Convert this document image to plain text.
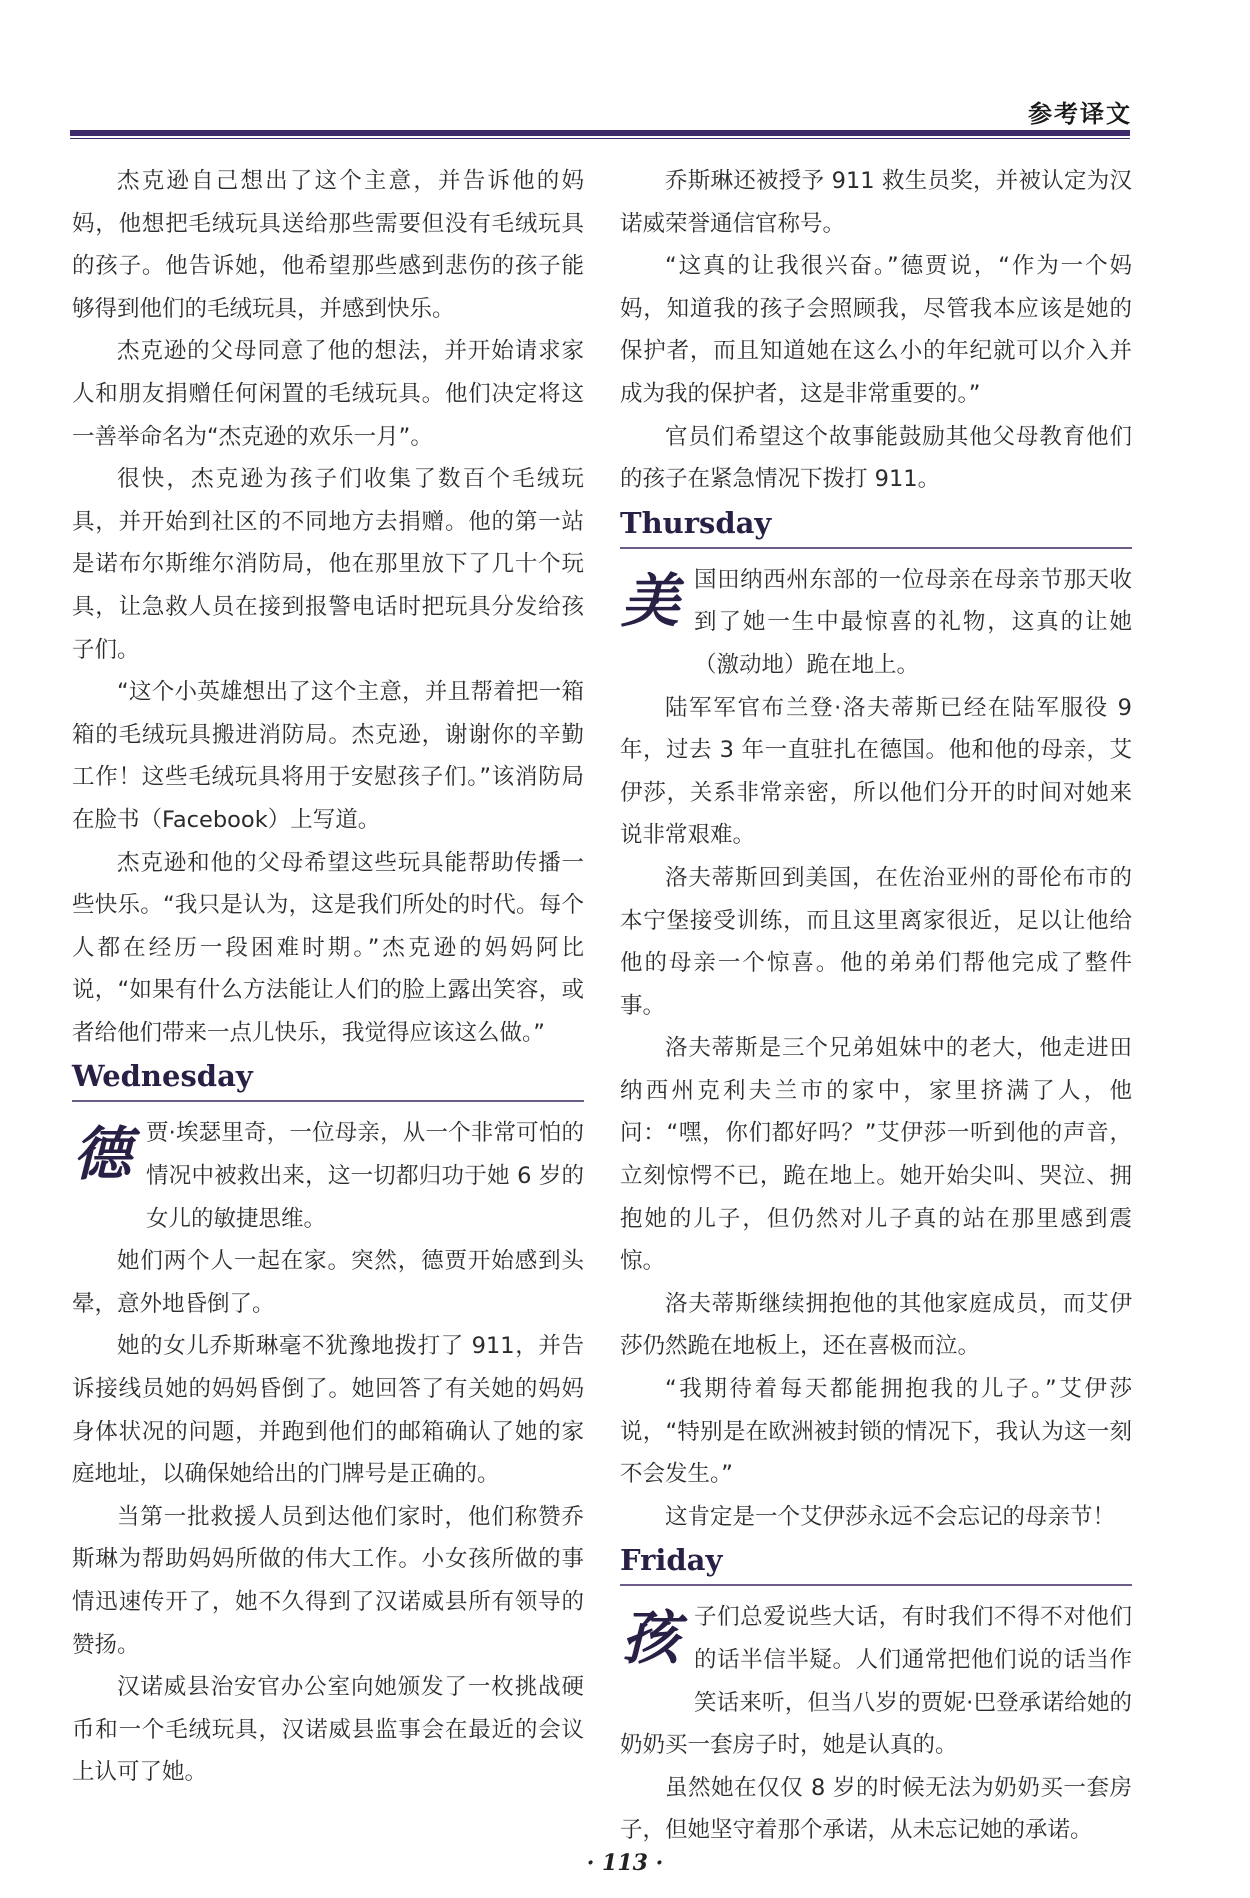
参考译文

杰克逊自己想出了这个主意，并告诉他的妈妈，他想把毛绒玩具送给那些需要但没有毛绒玩具的孩子。他告诉她，他希望那些感到悲伤的孩子能够得到他们的毛绒玩具，并感到快乐。

杰克逊的父母同意了他的想法，并开始请求家人和朋友捐赠任何闲置的毛绒玩具。他们决定将这一善举命名为“杰克逊的欢乐一月”。

很快，杰克逊为孩子们收集了数百个毛绒玩具，并开始到社区的不同地方去捐赠。他的第一站是诺布尔斯维尔消防局，他在那里放下了几十个玩具，让急救人员在接到报警电话时把玩具分发给孩子们。

“这个小英雄想出了这个主意，并且帮着把一箱箱的毛绒玩具搬进消防局。杰克逊，谢谢你的辛勤工作！这些毛绒玩具将用于安慰孩子们。”该消防局在脸书（Facebook）上写道。

杰克逊和他的父母希望这些玩具能帮助传播一些快乐。“我只是认为，这是我们所处的时代。每个人都在经历一段困难时期。”杰克逊的妈妈阿比说，“如果有什么方法能让人们的脸上露出笑容，或者给他们带来一点儿快乐，我觉得应该这么做。”

Wednesday

德贾·埃瑟里奇，一位母亲，从一个非常可怕的情况中被救出来，这一切都归功于她 6 岁的女儿的敏捷思维。

她们两个人一起在家。突然，德贾开始感到头晕，意外地昏倒了。

她的女儿乔斯琳毫不犹豫地拨打了 911，并告诉接线员她的妈妈昏倒了。她回答了有关她的妈妈身体状况的问题，并跑到他们的邮箱确认了她的家庭地址，以确保她给出的门牌号是正确的。

当第一批救援人员到达他们家时，他们称赞乔斯琳为帮助妈妈所做的伟大工作。小女孩所做的事情迅速传开了，她不久得到了汉诺威县所有领导的赞扬。

汉诺威县治安官办公室向她颁发了一枚挑战硬币和一个毛绒玩具，汉诺威县监事会在最近的会议上认可了她。

乔斯琳还被授予 911 救生员奖，并被认定为汉诺威荣誉通信官称号。

“这真的让我很兴奋。”德贾说，“作为一个妈妈，知道我的孩子会照顾我，尽管我本应该是她的保护者，而且知道她在这么小的年纪就可以介入并成为我的保护者，这是非常重要的。”

官员们希望这个故事能鼓励其他父母教育他们的孩子在紧急情况下拨打 911。

Thursday

美国田纳西州东部的一位母亲在母亲节那天收到了她一生中最惊喜的礼物，这真的让她（激动地）跪在地上。

陆军军官布兰登·洛夫蒂斯已经在陆军服役 9 年，过去 3 年一直驻扎在德国。他和他的母亲，艾伊莎，关系非常亲密，所以他们分开的时间对她来说非常艰难。

洛夫蒂斯回到美国，在佐治亚州的哥伦布市的本宁堡接受训练，而且这里离家很近，足以让他给他的母亲一个惊喜。他的弟弟们帮他完成了整件事。

洛夫蒂斯是三个兄弟姐妹中的老大，他走进田纳西州克利夫兰市的家中，家里挤满了人，他问：“嘿，你们都好吗？”艾伊莎一听到他的声音，立刻惊愕不已，跪在地上。她开始尖叫、哭泣、拥抱她的儿子，但仍然对儿子真的站在那里感到震惊。

洛夫蒂斯继续拥抱他的其他家庭成员，而艾伊莎仍然跪在地板上，还在喜极而泣。

“我期待着每天都能拥抱我的儿子。”艾伊莎说，“特别是在欧洲被封锁的情况下，我认为这一刻不会发生。”

这肯定是一个艾伊莎永远不会忘记的母亲节！

Friday

孩子们总爱说些大话，有时我们不得不对他们的话半信半疑。人们通常把他们说的话当作笑话来听，但当八岁的贾妮·巴登承诺给她的奶奶买一套房子时，她是认真的。

虽然她在仅仅 8 岁的时候无法为奶奶买一套房子，但她坚守着那个承诺，从未忘记她的承诺。

· 113 ·
